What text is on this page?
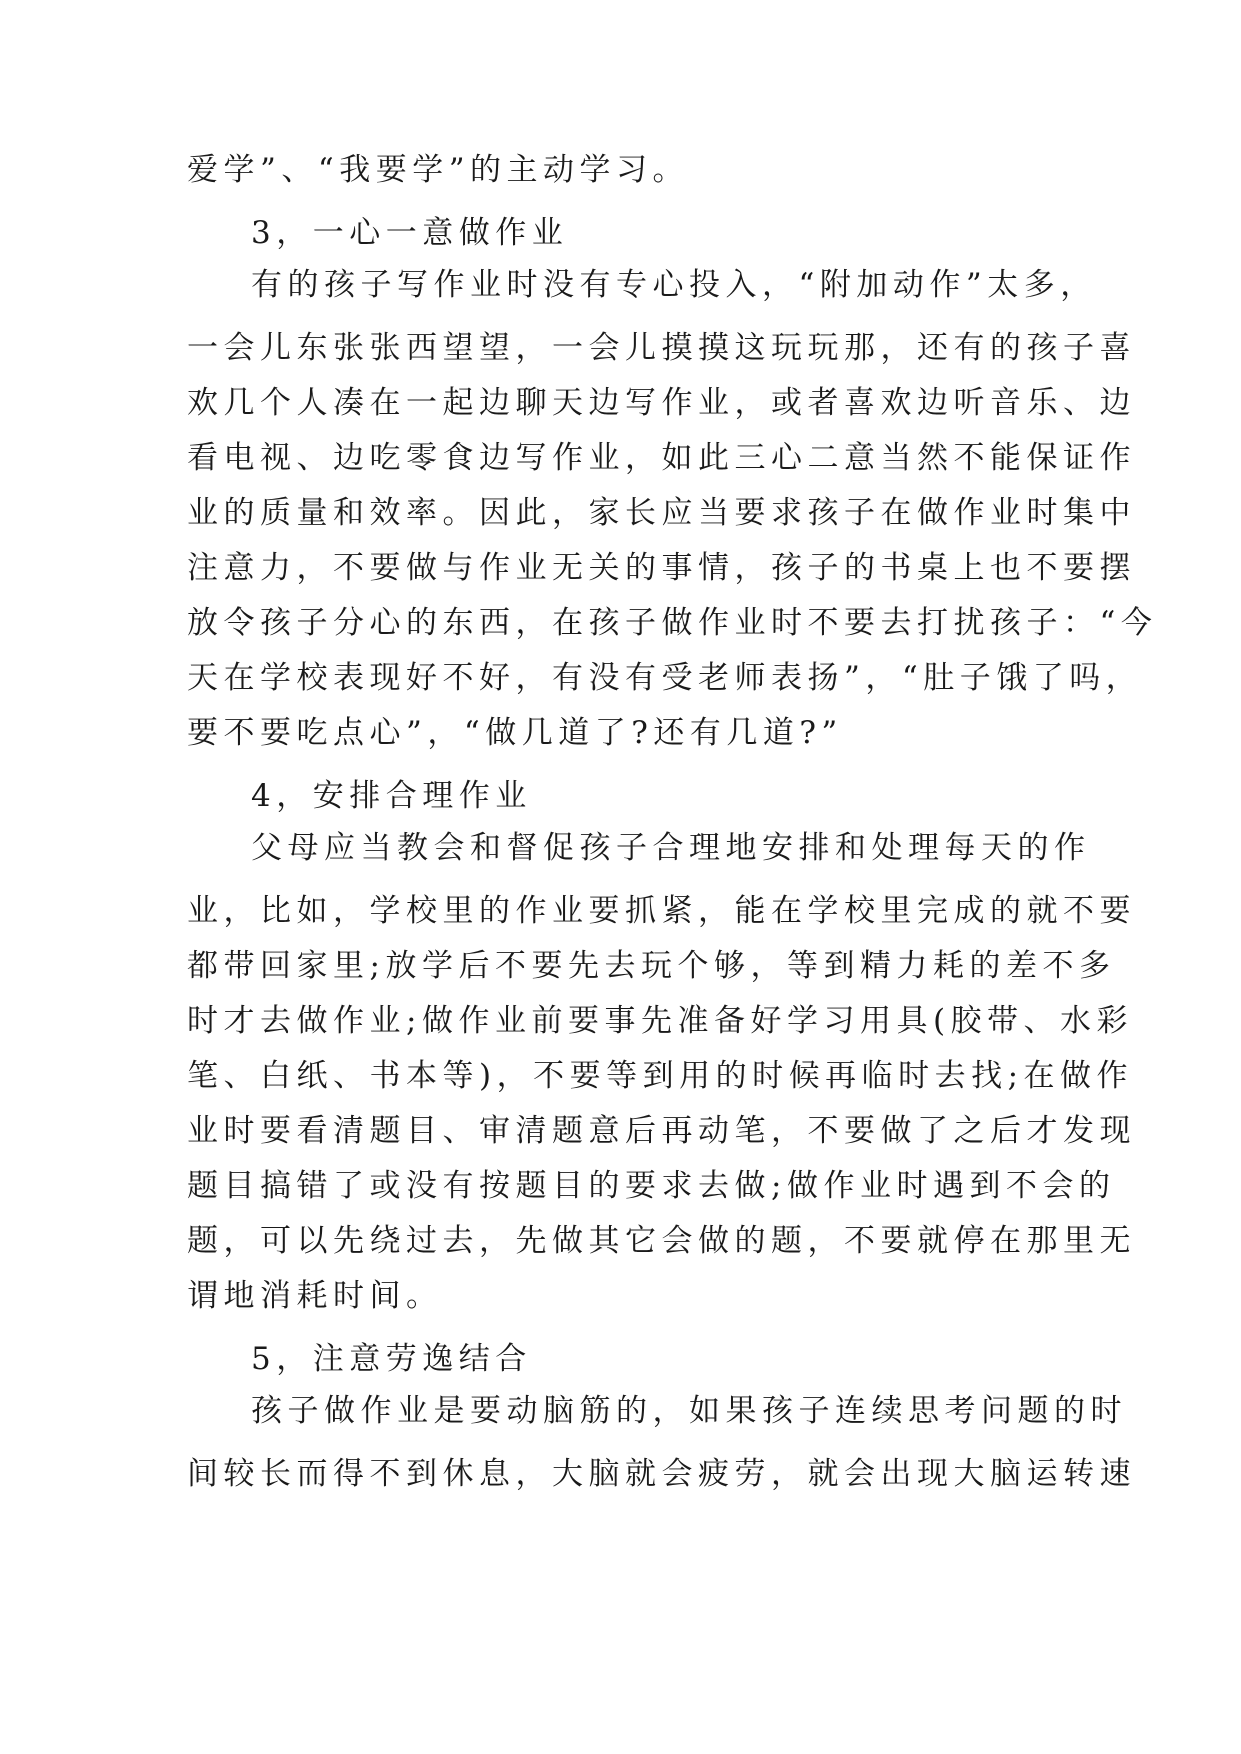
爱学”、“我要学”的主动学习。
3，一心一意做作业
有的孩子写作业时没有专心投入，“附加动作”太多，
一会儿东张张西望望，一会儿摸摸这玩玩那，还有的孩子喜
欢几个人凑在一起边聊天边写作业，或者喜欢边听音乐、边
看电视、边吃零食边写作业，如此三心二意当然不能保证作
业的质量和效率。因此，家长应当要求孩子在做作业时集中
注意力，不要做与作业无关的事情，孩子的书桌上也不要摆
放令孩子分心的东西，在孩子做作业时不要去打扰孩子：“今
天在学校表现好不好，有没有受老师表扬”，“肚子饿了吗，
要不要吃点心”，“做几道了?还有几道?”
4，安排合理作业
父母应当教会和督促孩子合理地安排和处理每天的作
业，比如，学校里的作业要抓紧，能在学校里完成的就不要
都带回家里;放学后不要先去玩个够，等到精力耗的差不多
时才去做作业;做作业前要事先准备好学习用具(胶带、水彩
笔、白纸、书本等)，不要等到用的时候再临时去找;在做作
业时要看清题目、审清题意后再动笔，不要做了之后才发现
题目搞错了或没有按题目的要求去做;做作业时遇到不会的
题，可以先绕过去，先做其它会做的题，不要就停在那里无
谓地消耗时间。
5，注意劳逸结合
孩子做作业是要动脑筋的，如果孩子连续思考问题的时
间较长而得不到休息，大脑就会疲劳，就会出现大脑运转速
